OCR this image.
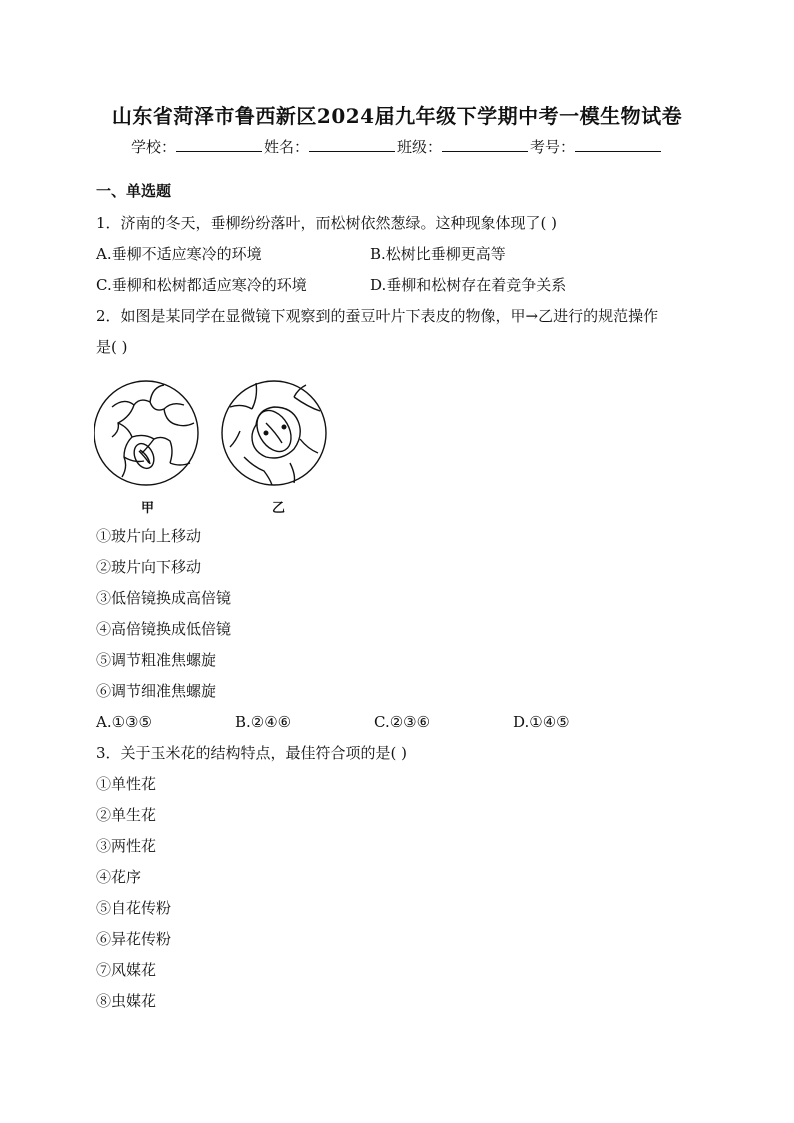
山东省菏泽市鲁西新区2024届九年级下学期中考一模生物试卷
学校：	姓名：	班级：	考号：
一、单选题
1．济南的冬天，垂柳纷纷落叶，而松树依然葱绿。这种现象体现了( )
A.垂柳不适应寒冷的环境	B.松树比垂柳更高等
C.垂柳和松树都适应寒冷的环境	D.垂柳和松树存在着竞争关系
2．如图是某同学在显微镜下观察到的蚕豆叶片下表皮的物像，甲→乙进行的规范操作
是( )
甲	乙
①玻片向上移动
②玻片向下移动
③低倍镜换成高倍镜
④高倍镜换成低倍镜
⑤调节粗准焦螺旋
⑥调节细准焦螺旋
A.①③⑤	B.②④⑥	C.②③⑥	D.①④⑤
3．关于玉米花的结构特点，最佳符合项的是( )
①单性花
②单生花
③两性花
④花序
⑤自花传粉
⑥异花传粉
⑦风媒花
⑧虫媒花
